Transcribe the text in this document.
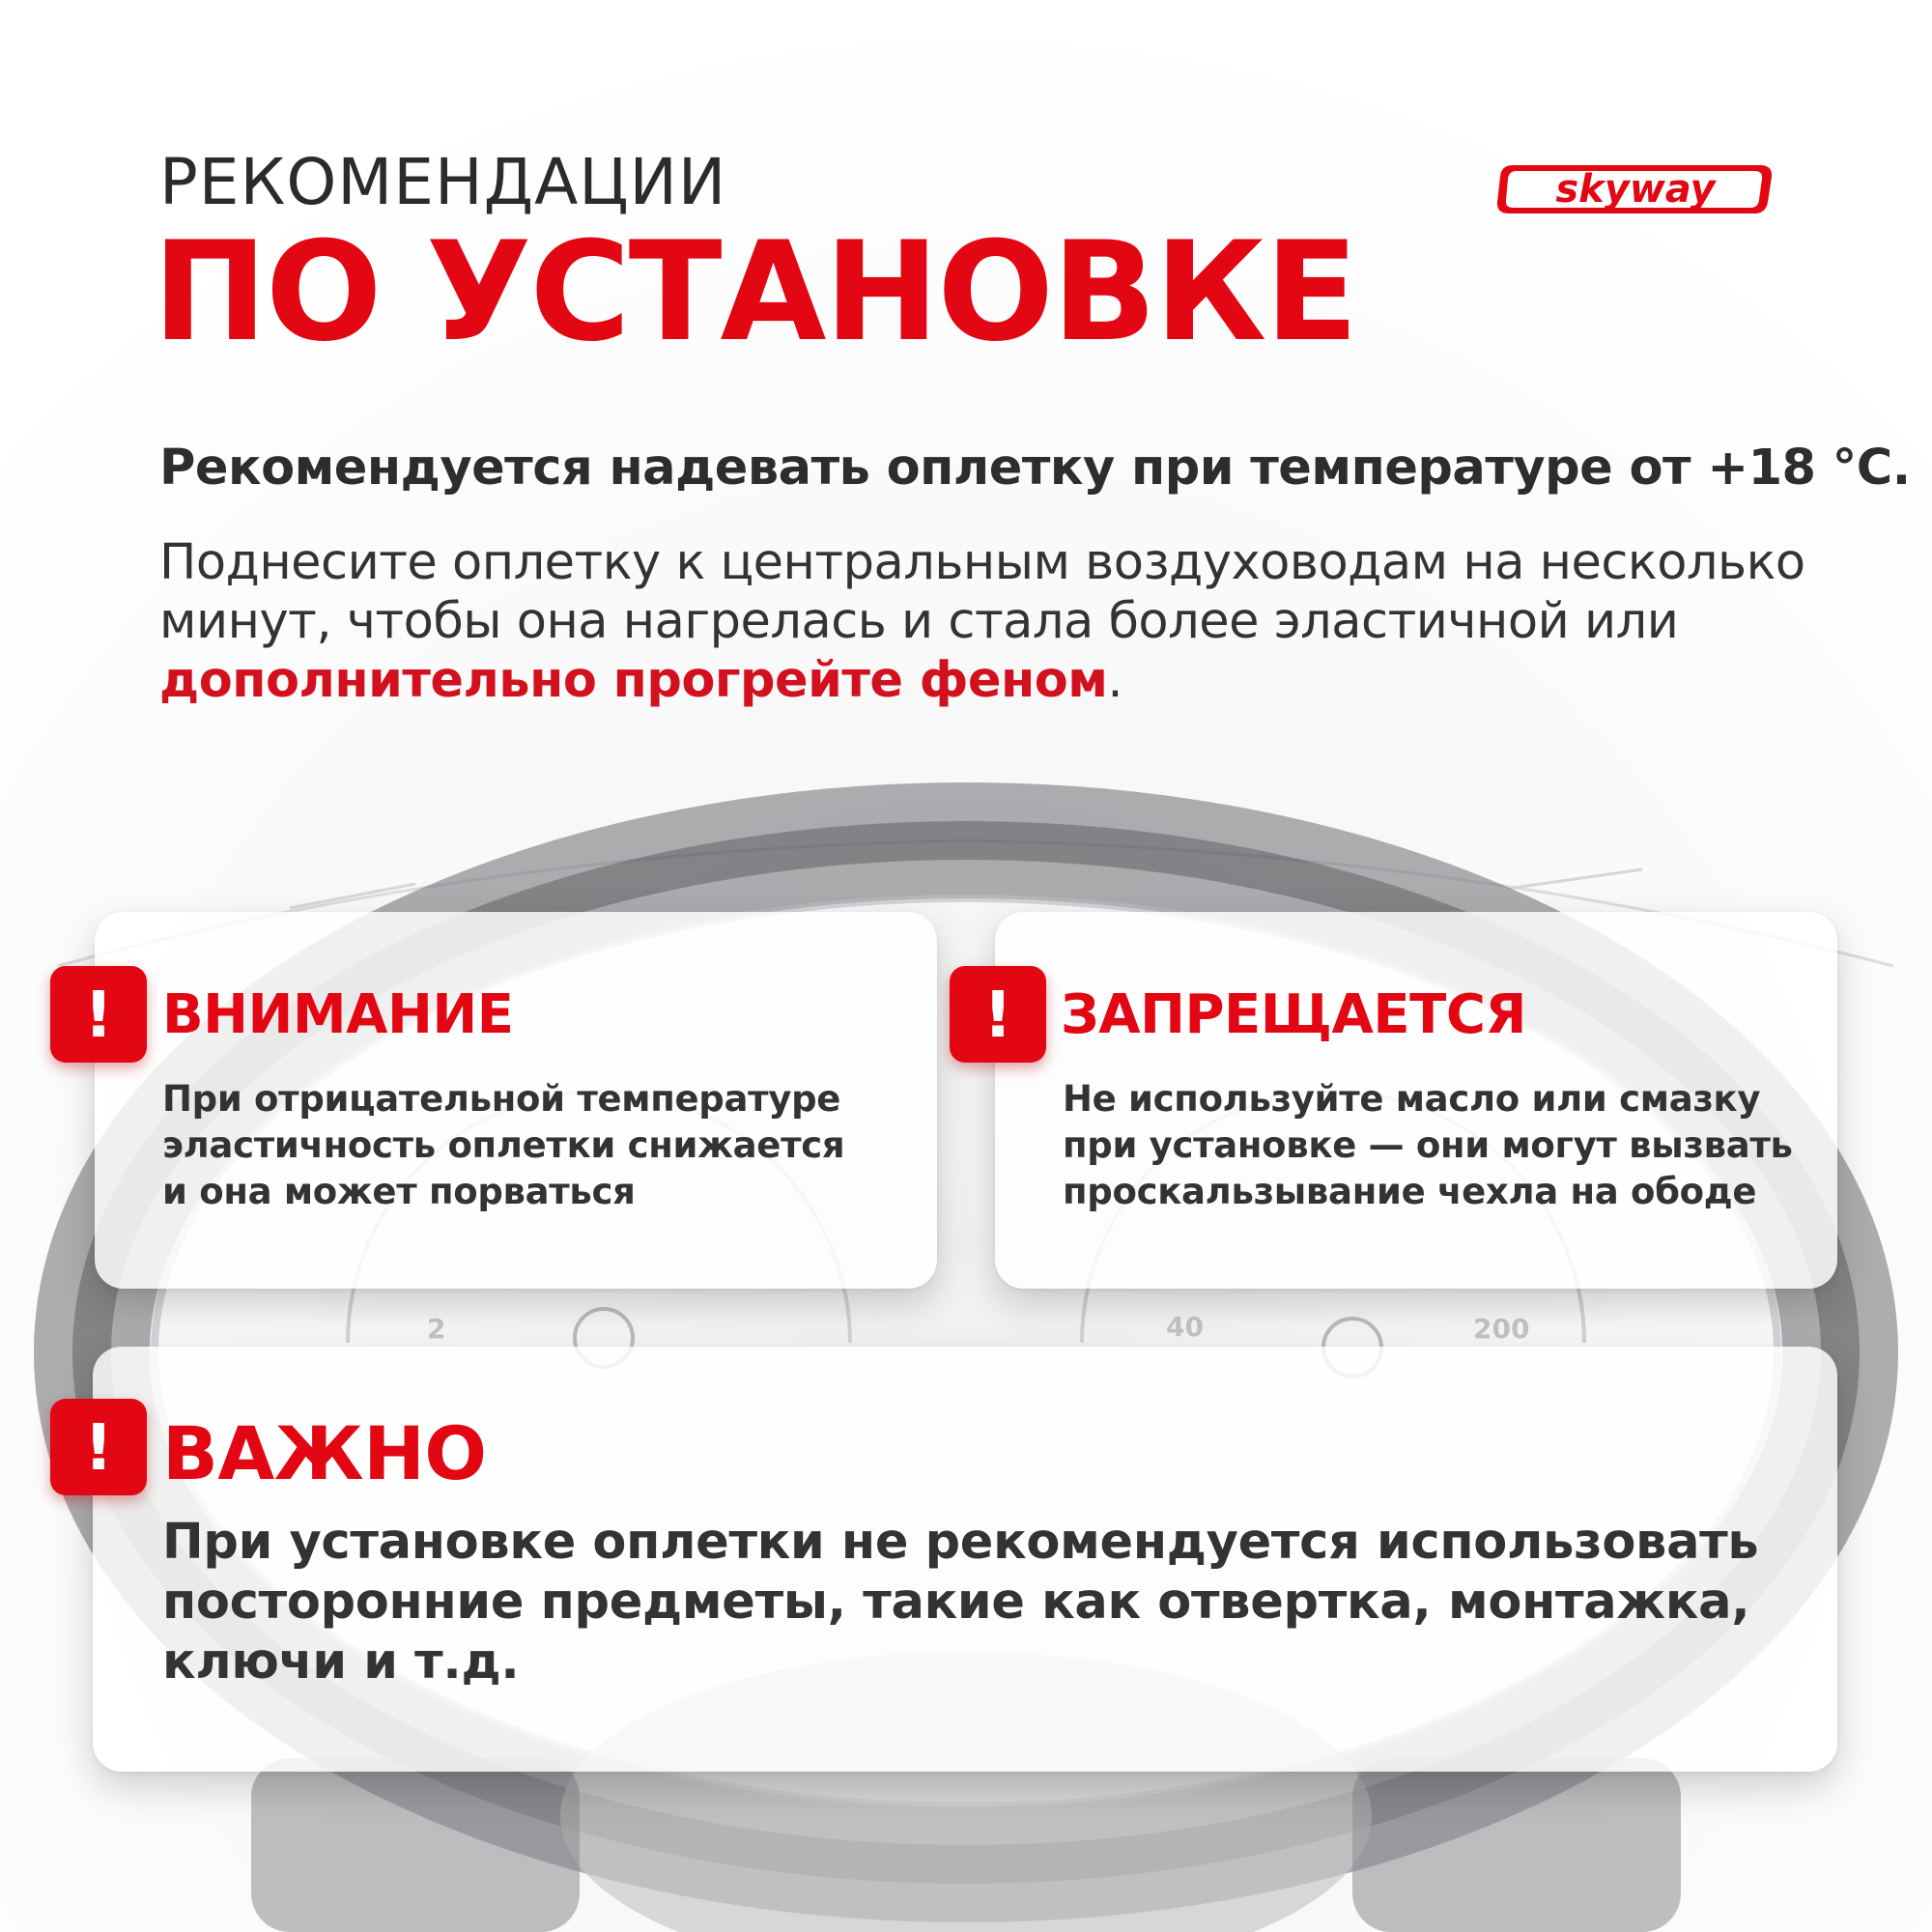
2	40	200
РЕКОМЕНДАЦИИ
ПО УСТАНОВКЕ
skyway
Рекомендуется надевать оплетку при температуре от +18 °С.
Поднесите оплетку к центральным воздуховодам на несколько минут, чтобы она нагрелась и стала более эластичной или дополнительно прогрейте феном.
! ВНИМАНИЕ
При отрицательной температуре
эластичность оплетки снижается
и она может порваться
! ЗАПРЕЩАЕТСЯ
Не используйте масло или смазку
при установке — они могут вызвать
проскальзывание чехла на ободе
! ВАЖНО
При установке оплетки не рекомендуется использовать
посторонние предметы, такие как отвертка, монтажка,
ключи и т.д.
